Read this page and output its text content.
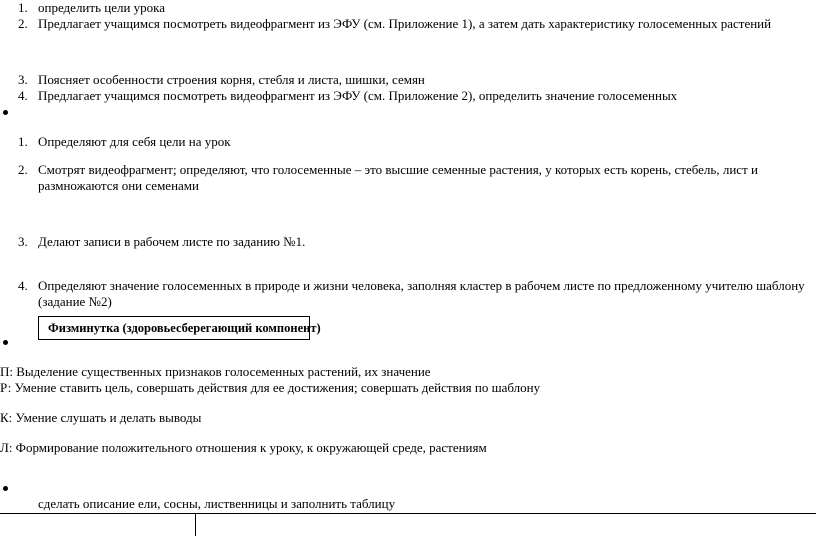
1. определить цели урока
2. Предлагает учащимся посмотреть видеофрагмент из ЭФУ (см. Приложение 1), а затем дать характеристику голосеменных растений
3. Поясняет особенности строения корня, стебля и листа, шишки, семян
4. Предлагает учащимся посмотреть видеофрагмент из ЭФУ (см. Приложение 2), определить значение голосеменных
1. Определяют для себя цели на урок
2. Смотрят видеофрагмент; определяют, что голосеменные – это высшие семенные растения, у которых есть корень, стебель, лист и
размножаются они семенами
3. Делают записи в рабочем листе по заданию №1.
4. Определяют значение голосеменных в природе и жизни человека, заполняя кластер в рабочем листе по предложенному учителю шаблону
(задание №2)
Физминутка (здоровьесберегающий компонент)
П: Выделение существенных признаков голосеменных растений, их значение
Р: Умение ставить цель, совершать действия для ее достижения; совершать действия по шаблону
К: Умение слушать и делать выводы
Л: Формирование положительного отношения к уроку, к окружающей среде, растениям
сделать описание ели, сосны, лиственницы и заполнить таблицу
